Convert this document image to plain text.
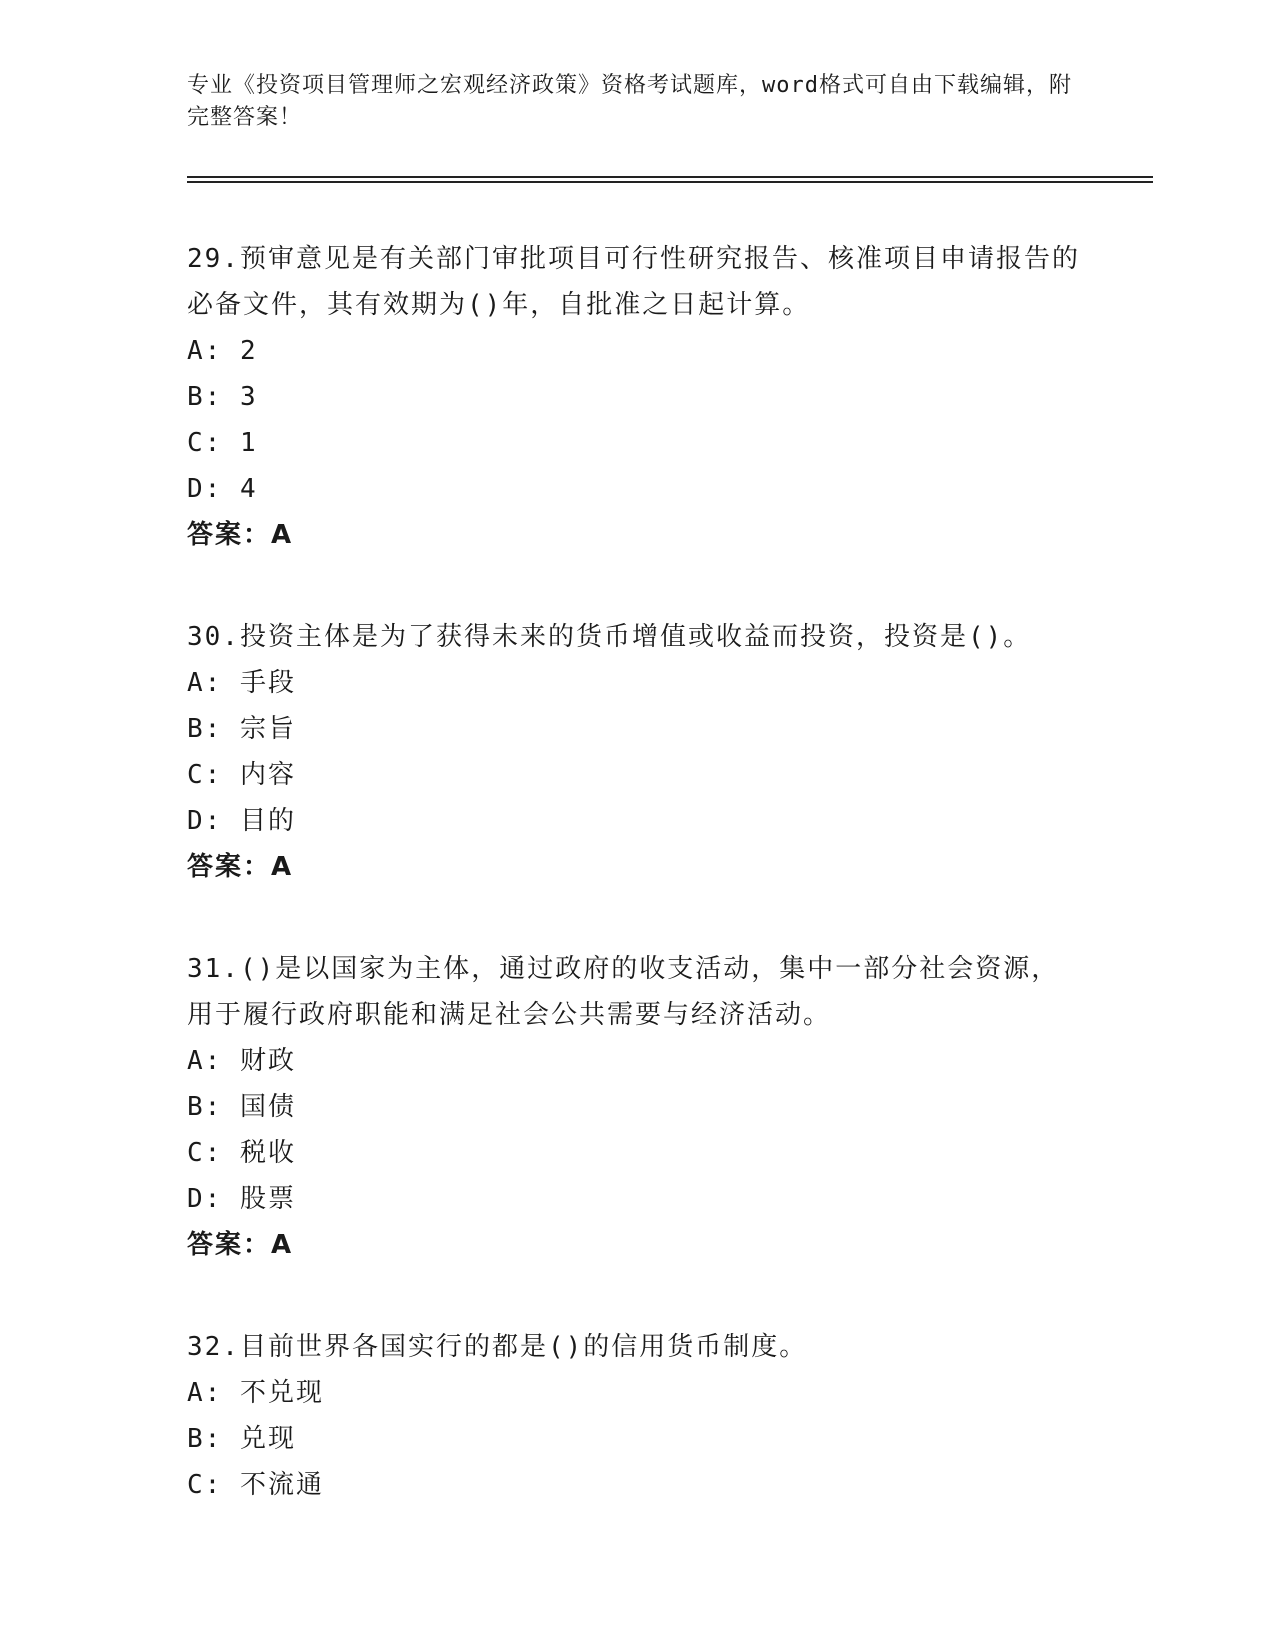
专业《投资项目管理师之宏观经济政策》资格考试题库，word格式可自由下载编辑，附完整答案！
29.预审意见是有关部门审批项目可行性研究报告、核准项目申请报告的必备文件，其有效期为()年，自批准之日起计算。
A: 2
B: 3
C: 1
D: 4
答案：A
30.投资主体是为了获得未来的货币增值或收益而投资，投资是()。
A: 手段
B: 宗旨
C: 内容
D: 目的
答案：A
31.()是以国家为主体，通过政府的收支活动，集中一部分社会资源，用于履行政府职能和满足社会公共需要与经济活动。
A: 财政
B: 国债
C: 税收
D: 股票
答案：A
32.目前世界各国实行的都是()的信用货币制度。
A: 不兑现
B: 兑现
C: 不流通
